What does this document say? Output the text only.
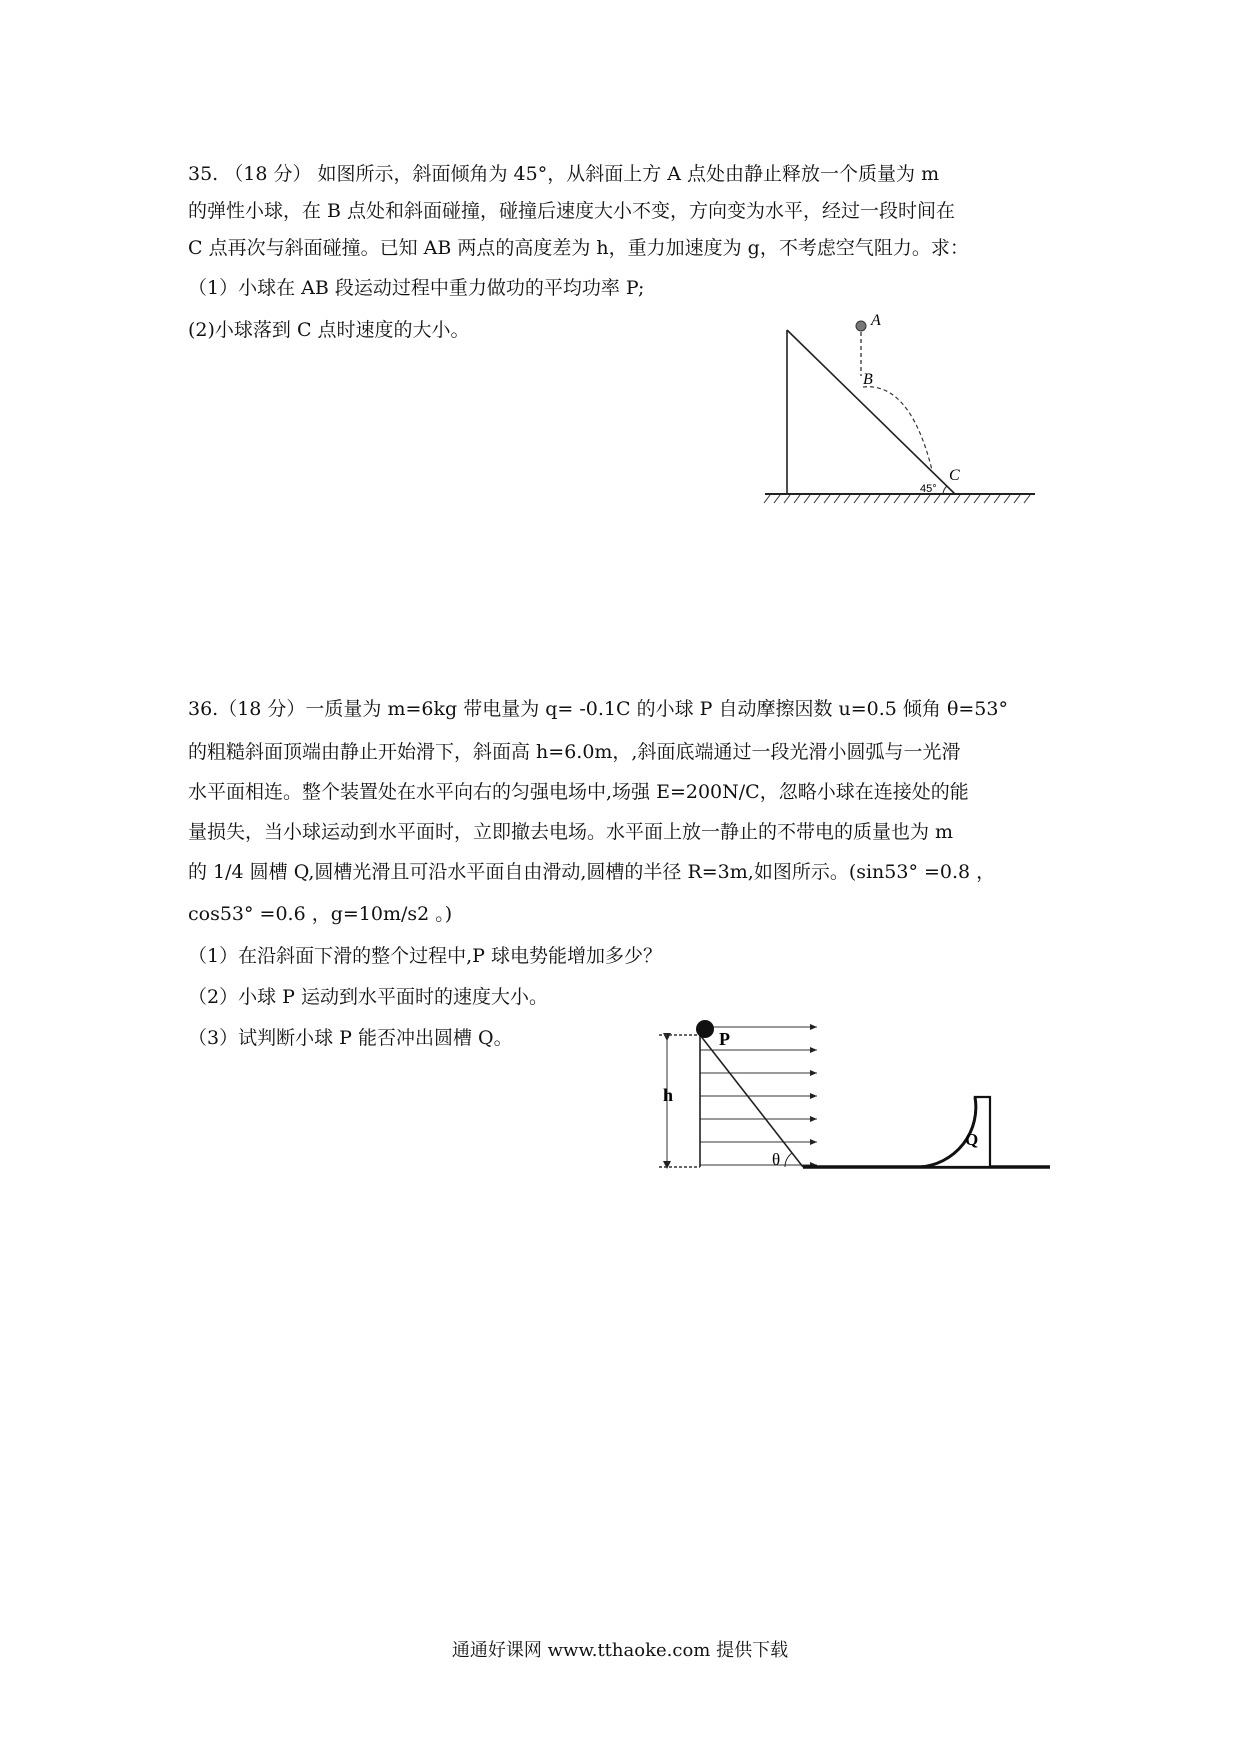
35. （18 分） 如图所示，斜面倾角为 45°，从斜面上方 A 点处由静止释放一个质量为 m
的弹性小球，在 B 点处和斜面碰撞，碰撞后速度大小不变，方向变为水平，经过一段时间在
C 点再次与斜面碰撞。已知 AB 两点的高度差为 h，重力加速度为 g，不考虑空气阻力。求：
（1）小球在 AB 段运动过程中重力做功的平均功率 P;
(2)小球落到 C 点时速度的大小。	A
B
C
45°
36.（18 分）一质量为 m=6kg 带电量为 q= -0.1C 的小球 P 自动摩擦因数 u=0.5 倾角 θ=53°
的粗糙斜面顶端由静止开始滑下，斜面高 h=6.0m，,斜面底端通过一段光滑小圆弧与一光滑
水平面相连。整个装置处在水平向右的匀强电场中,场强 E=200N/C，忽略小球在连接处的能
量损失，当小球运动到水平面时，立即撤去电场。水平面上放一静止的不带电的质量也为 m
的 1/4 圆槽 Q,圆槽光滑且可沿水平面自由滑动,圆槽的半径 R=3m,如图所示。(sin53° =0.8 ，
cos53° =0.6 ，g=10m/s2 。)
（1）在沿斜面下滑的整个过程中,P 球电势能增加多少？
（2）小球 P 运动到水平面时的速度大小。
（3）试判断小球 P 能否冲出圆槽 Q。	P
h
θ
Q
通通好课网 www.tthaoke.com 提供下载
